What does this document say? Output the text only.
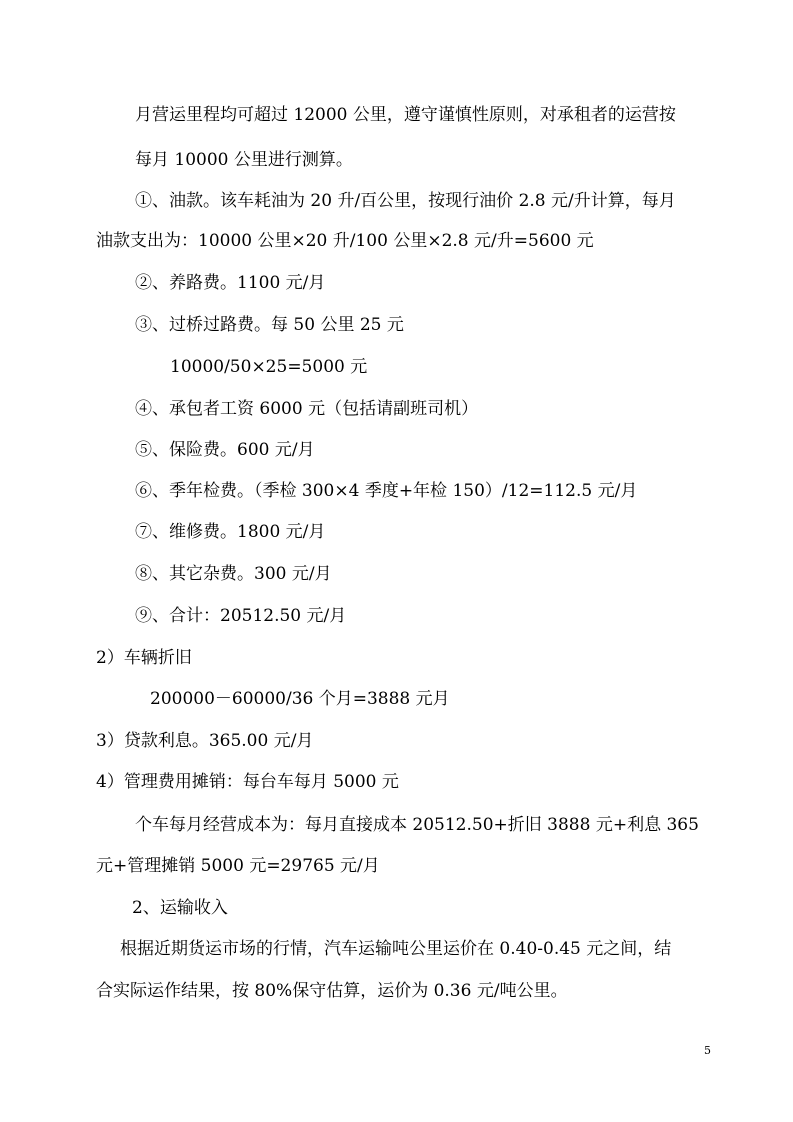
月营运里程均可超过 12000 公里，遵守谨慎性原则，对承租者的运营按
每月 10000 公里进行测算。
①、油款。该车耗油为 20 升/百公里，按现行油价 2.8 元/升计算，每月
油款支出为：10000 公里×20 升/100 公里×2.8 元/升=5600 元
②、养路费。1100 元/月
③、过桥过路费。每 50 公里 25 元
10000/50×25=5000 元
④、承包者工资 6000 元（包括请副班司机）
⑤、保险费。600 元/月
⑥、季年检费。（季检 300×4 季度+年检 150）/12=112.5 元/月
⑦、维修费。1800 元/月
⑧、其它杂费。300 元/月
⑨、合计：20512.50 元/月
2）车辆折旧
200000－60000/36 个月=3888 元月
3）贷款利息。365.00 元/月
4）管理费用摊销：每台车每月 5000 元
个车每月经营成本为：每月直接成本 20512.50+折旧 3888 元+利息 365
元+管理摊销 5000 元=29765 元/月
2、运输收入
根据近期货运市场的行情，汽车运输吨公里运价在 0.40-0.45 元之间，结
合实际运作结果，按 80%保守估算，运价为 0.36 元/吨公里。
5
